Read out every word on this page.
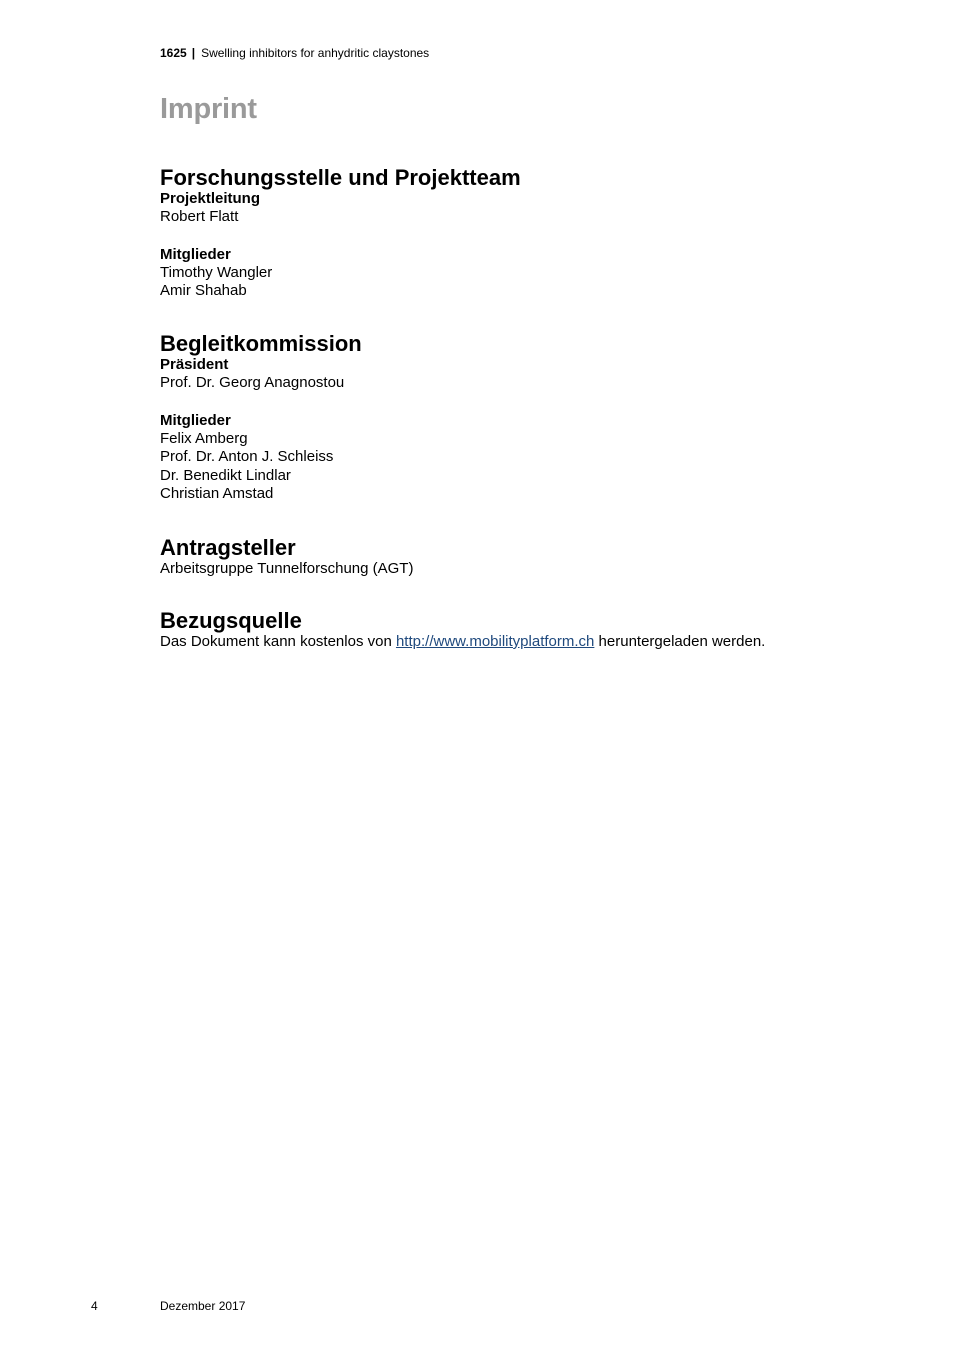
1625 | Swelling inhibitors for anhydritic claystones
Imprint
Forschungsstelle und Projektteam

Projektleitung

Robert Flatt

Mitglieder

Timothy Wangler

Amir Shahab

Begleitkommission

Präsident

Prof. Dr. Georg Anagnostou

Mitglieder

Felix Amberg

Prof. Dr. Anton J. Schleiss

Dr. Benedikt Lindlar

Christian Amstad

Antragsteller

Arbeitsgruppe Tunnelforschung (AGT)

Bezugsquelle

Das Dokument kann kostenlos von http://www.mobilityplatform.ch heruntergeladen werden.

4	Dezember 2017
